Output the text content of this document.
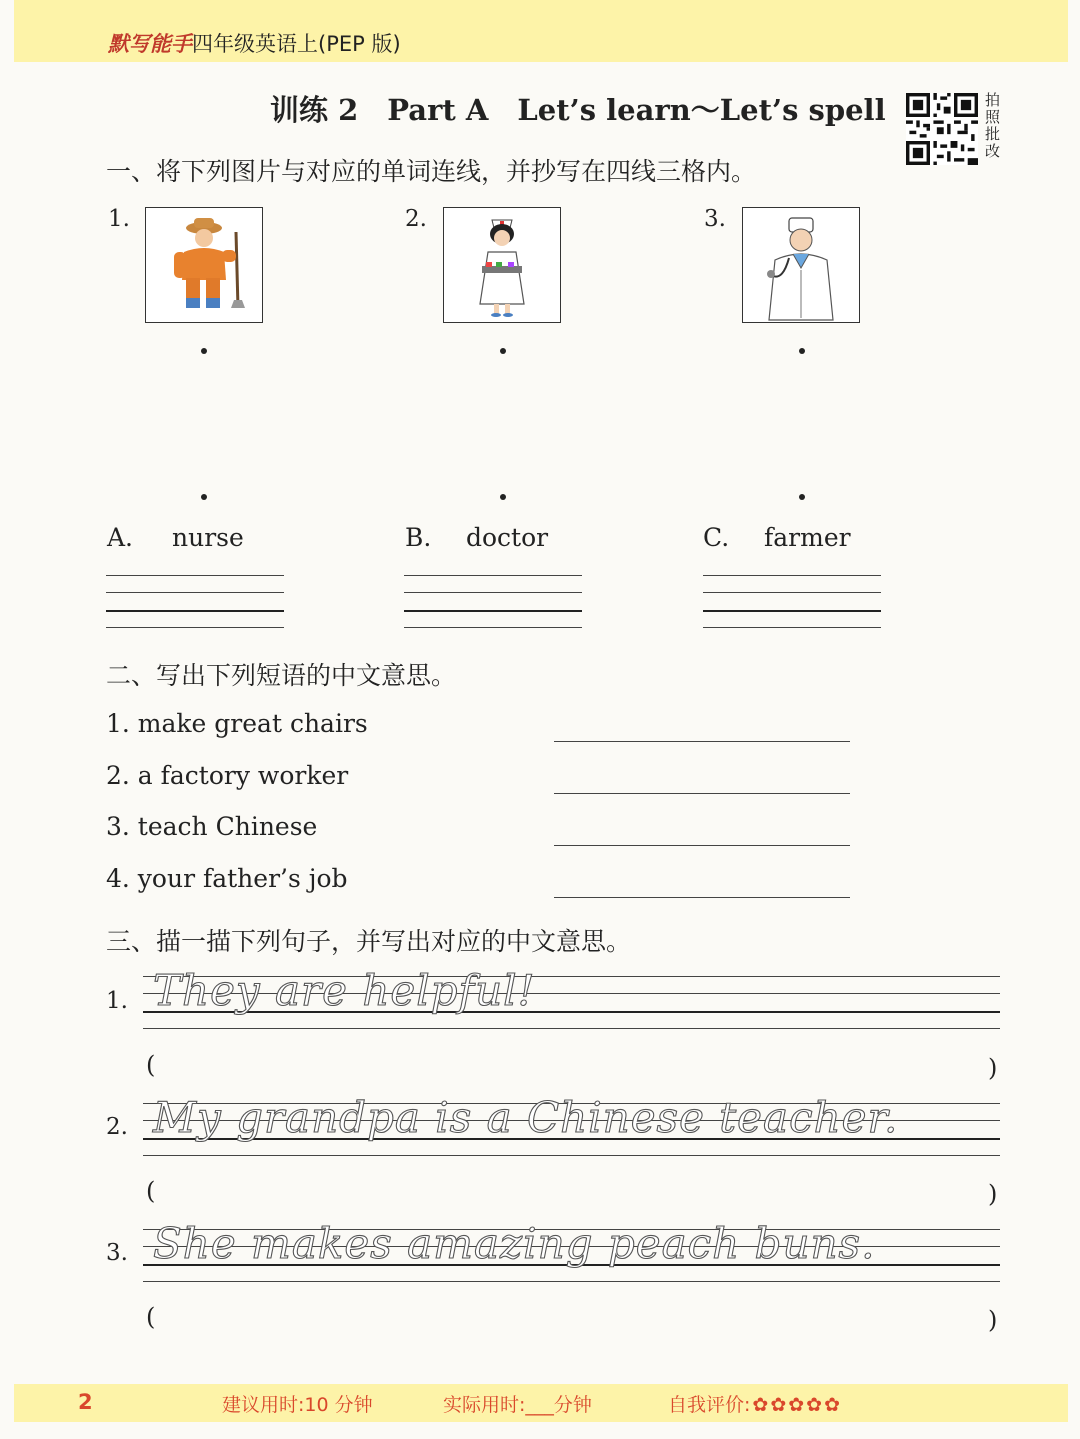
默写能手四年级英语上(PEP 版)
训练 2　Part A　Let’s learn～Let’s spell	拍照批改
一、将下列图片与对应的单词连线，并抄写在四线三格内。
1.	2.	3.
A. nurse	B. doctor	C. farmer
二、写出下列短语的中文意思。
1. make great chairs
2. a factory worker
3. teach Chinese
4. your father’s job
三、描一描下列句子，并写出对应的中文意思。
1. They are helpful!
(	)
2. My grandpa is a Chinese teacher.
(	)
3. She makes amazing peach buns.
(	)
2	建议用时:10 分钟	实际用时:___分钟	自我评价: ✿ ✿ ✿ ✿ ✿
